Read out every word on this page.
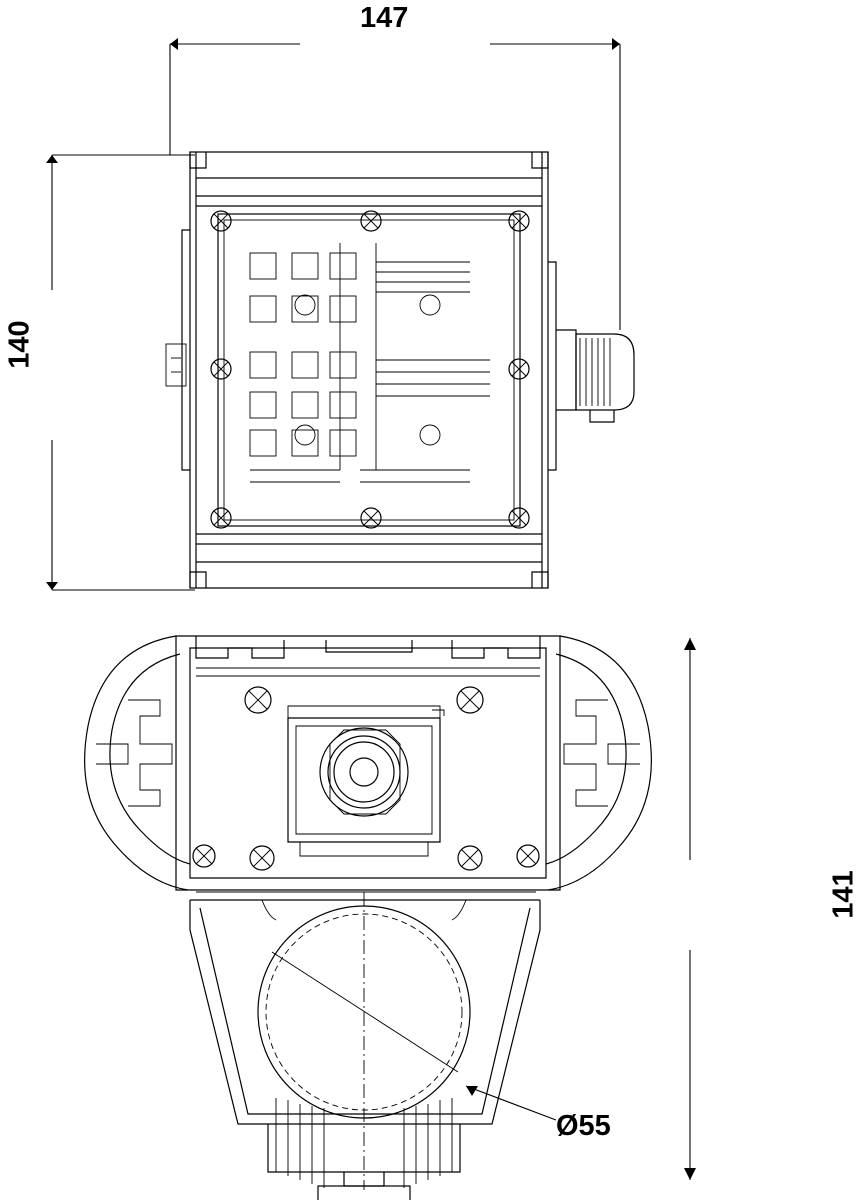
147
140
141
Ø55
